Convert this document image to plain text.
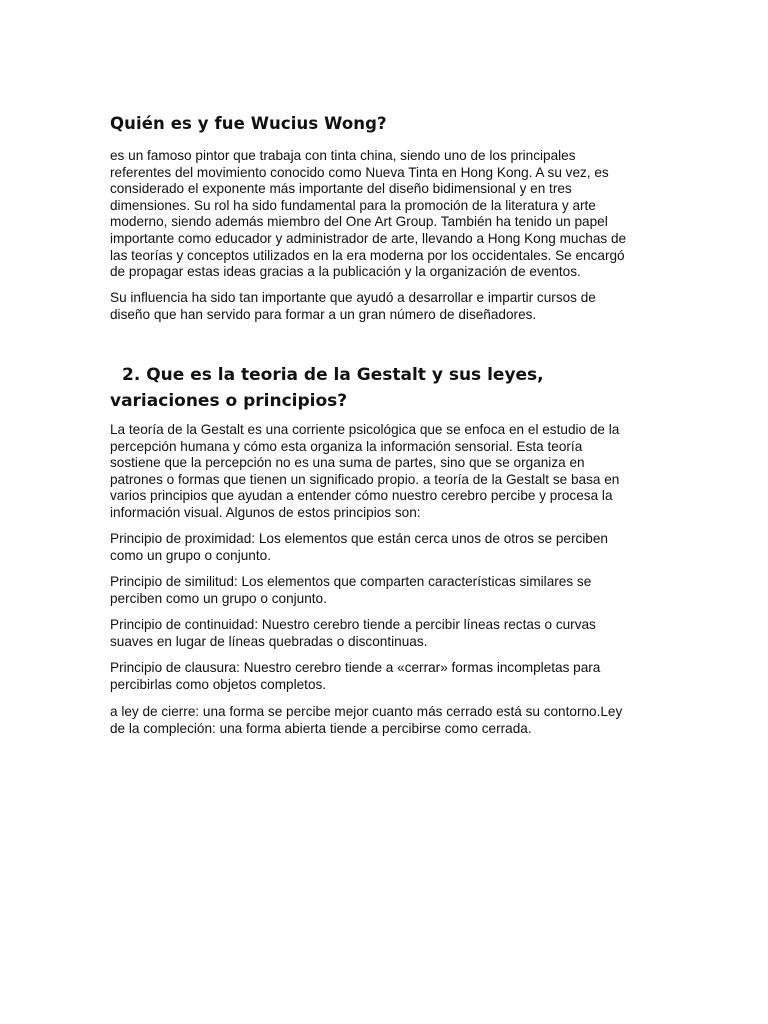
Quién es y fue Wucius Wong?
es un famoso pintor que trabaja con tinta china, siendo uno de los principales
referentes del movimiento conocido como Nueva Tinta en Hong Kong. A su vez, es
considerado el exponente más importante del diseño bidimensional y en tres
dimensiones. Su rol ha sido fundamental para la promoción de la literatura y arte
moderno, siendo además miembro del One Art Group. También ha tenido un papel
importante como educador y administrador de arte, llevando a Hong Kong muchas de
las teorías y conceptos utilizados en la era moderna por los occidentales. Se encargó
de propagar estas ideas gracias a la publicación y la organización de eventos.
Su influencia ha sido tan importante que ayudó a desarrollar e impartir cursos de
diseño que han servido para formar a un gran número de diseñadores.
2. Que es la teoria de la Gestalt y sus leyes,
variaciones o principios?
La teoría de la Gestalt es una corriente psicológica que se enfoca en el estudio de la
percepción humana y cómo esta organiza la información sensorial. Esta teoría
sostiene que la percepción no es una suma de partes, sino que se organiza en
patrones o formas que tienen un significado propio. a teoría de la Gestalt se basa en
varios principios que ayudan a entender cómo nuestro cerebro percibe y procesa la
información visual. Algunos de estos principios son:
Principio de proximidad: Los elementos que están cerca unos de otros se perciben
como un grupo o conjunto.
Principio de similitud: Los elementos que comparten características similares se
perciben como un grupo o conjunto.
Principio de continuidad: Nuestro cerebro tiende a percibir líneas rectas o curvas
suaves en lugar de líneas quebradas o discontinuas.
Principio de clausura: Nuestro cerebro tiende a «cerrar» formas incompletas para
percibirlas como objetos completos.
a ley de cierre: una forma se percibe mejor cuanto más cerrado está su contorno.Ley
de la compleción: una forma abierta tiende a percibirse como cerrada.
